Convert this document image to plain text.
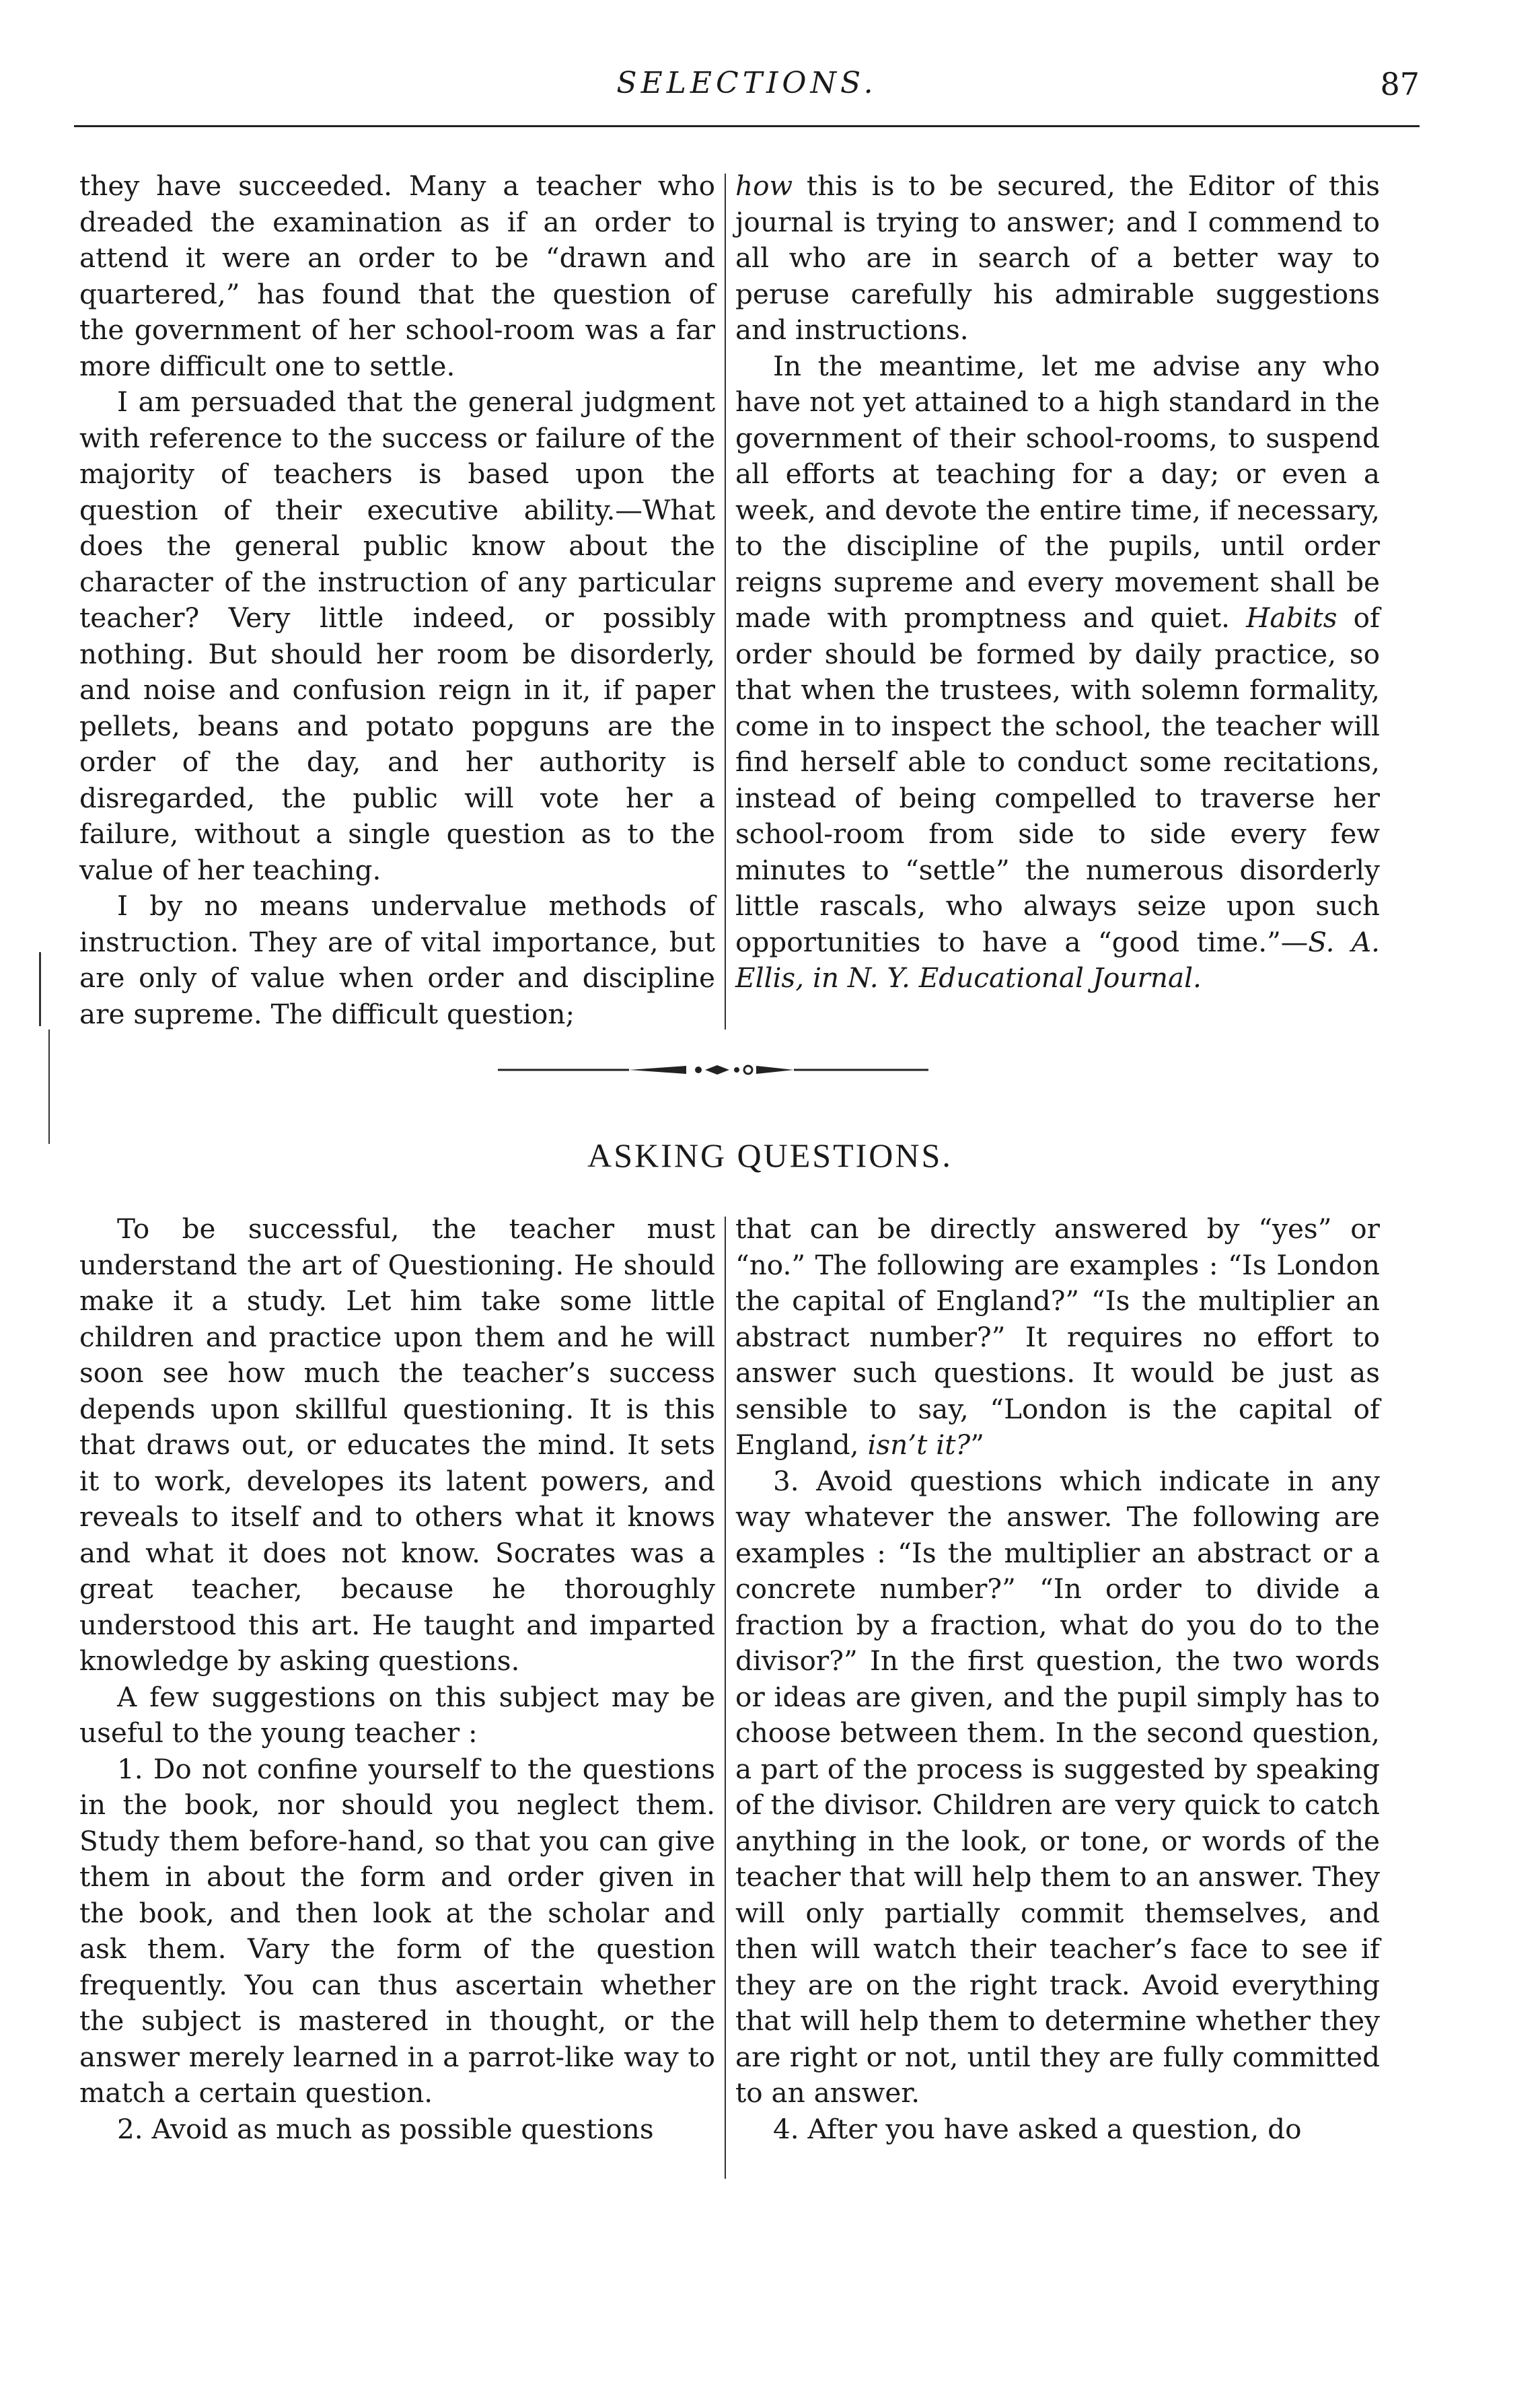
SELECTIONS.	87

they have succeeded. Many a teacher who dreaded the examination as if an order to attend it were an order to be “drawn and quartered,” has found that the question of the government of her school-room was a far more difficult one to settle.

I am persuaded that the general judgment with reference to the success or failure of the majority of teachers is based upon the question of their executive ability.—What does the general public know about the character of the instruction of any particular teacher? Very little indeed, or possibly nothing. But should her room be disorderly, and noise and confusion reign in it, if paper pellets, beans and potato popguns are the order of the day, and her authority is disregarded, the public will vote her a failure, without a single question as to the value of her teaching.

I by no means undervalue methods of instruction. They are of vital importance, but are only of value when order and discipline are supreme. The difficult question;

how this is to be secured, the Editor of this journal is trying to answer; and I commend to all who are in search of a better way to peruse carefully his admirable suggestions and instructions.

In the meantime, let me advise any who have not yet attained to a high standard in the government of their school-rooms, to suspend all efforts at teaching for a day; or even a week, and devote the entire time, if necessary, to the discipline of the pupils, until order reigns supreme and every movement shall be made with promptness and quiet. Habits of order should be formed by daily practice, so that when the trustees, with solemn formality, come in to inspect the school, the teacher will find herself able to conduct some recitations, instead of being compelled to traverse her school-room from side to side every few minutes to “settle” the numerous disorderly little rascals, who always seize upon such opportunities to have a “good time.”—S. A. Ellis, in N. Y. Educational Journal.

ASKING QUESTIONS.

To be successful, the teacher must understand the art of Questioning. He should make it a study. Let him take some little children and practice upon them and he will soon see how much the teacher’s success depends upon skillful questioning. It is this that draws out, or educates the mind. It sets it to work, developes its latent powers, and reveals to itself and to others what it knows and what it does not know. Socrates was a great teacher, because he thoroughly understood this art. He taught and imparted knowledge by asking questions.

A few suggestions on this subject may be useful to the young teacher :

1. Do not confine yourself to the questions in the book, nor should you neglect them. Study them before-hand, so that you can give them in about the form and order given in the book, and then look at the scholar and ask them. Vary the form of the question frequently. You can thus ascertain whether the subject is mastered in thought, or the answer merely learned in a parrot-like way to match a certain question.

2. Avoid as much as possible questions

that can be directly answered by “yes” or “no.” The following are examples : “Is London the capital of England?” “Is the multiplier an abstract number?” It requires no effort to answer such questions. It would be just as sensible to say, “London is the capital of England, isn’t it?”

3. Avoid questions which indicate in any way whatever the answer. The following are examples : “Is the multiplier an abstract or a concrete number?” “In order to divide a fraction by a fraction, what do you do to the divisor?” In the first question, the two words or ideas are given, and the pupil simply has to choose between them. In the second question, a part of the process is suggested by speaking of the divisor. Children are very quick to catch anything in the look, or tone, or words of the teacher that will help them to an answer. They will only partially commit themselves, and then will watch their teacher’s face to see if they are on the right track. Avoid everything that will help them to determine whether they are right or not, until they are fully committed to an answer.

4. After you have asked a question, do
